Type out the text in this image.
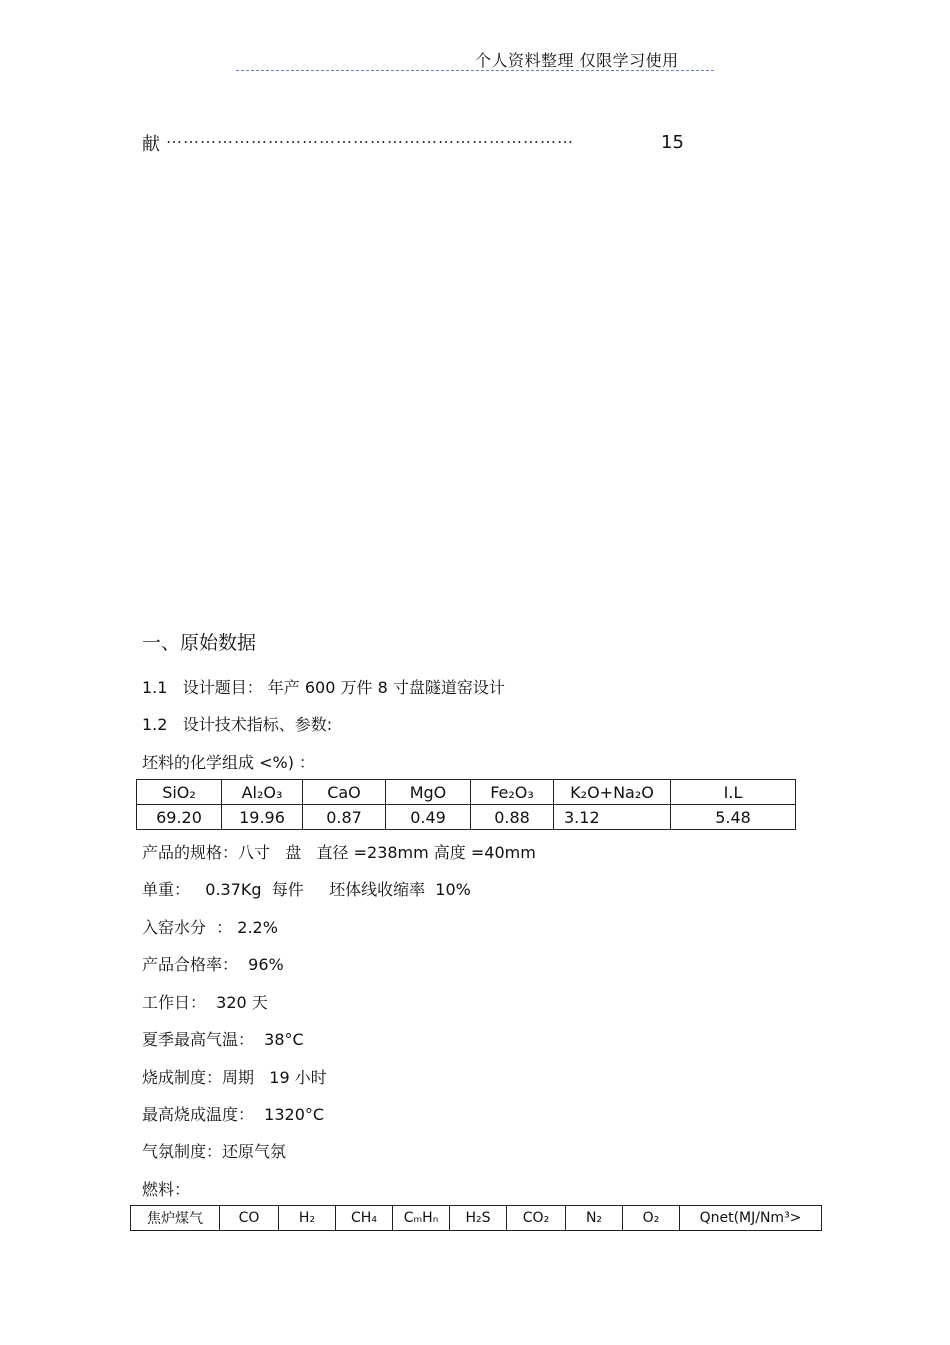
个人资料整理 仅限学习使用
献 ………………………………………………………………	15
一、原始数据
1.1   设计题目： 年产 600 万件 8 寸盘隧道窑设计
1.2   设计技术指标、参数:
坯料的化学组成 <%) ：
SiO₂	Al₂O₃	CaO	MgO	Fe₂O₃	K₂O+Na₂O	I.L
69.20	19.96	0.87	0.49	0.88	3.12	5.48
产品的规格：八寸   盘   直径 =238mm 高度 =40mm
单重：   0.37Kg  每件     坯体线收缩率  10%
入窑水分  ： 2.2%
产品合格率：  96%
工作日：  320 天
夏季最高气温：  38°C
烧成制度：周期   19 小时
最高烧成温度：  1320°C
气氛制度：还原气氛
燃料：
焦炉煤气	CO	H₂	CH₄	CₘHₙ	H₂S	CO₂	N₂	O₂	Qnet(MJ/Nm³>
